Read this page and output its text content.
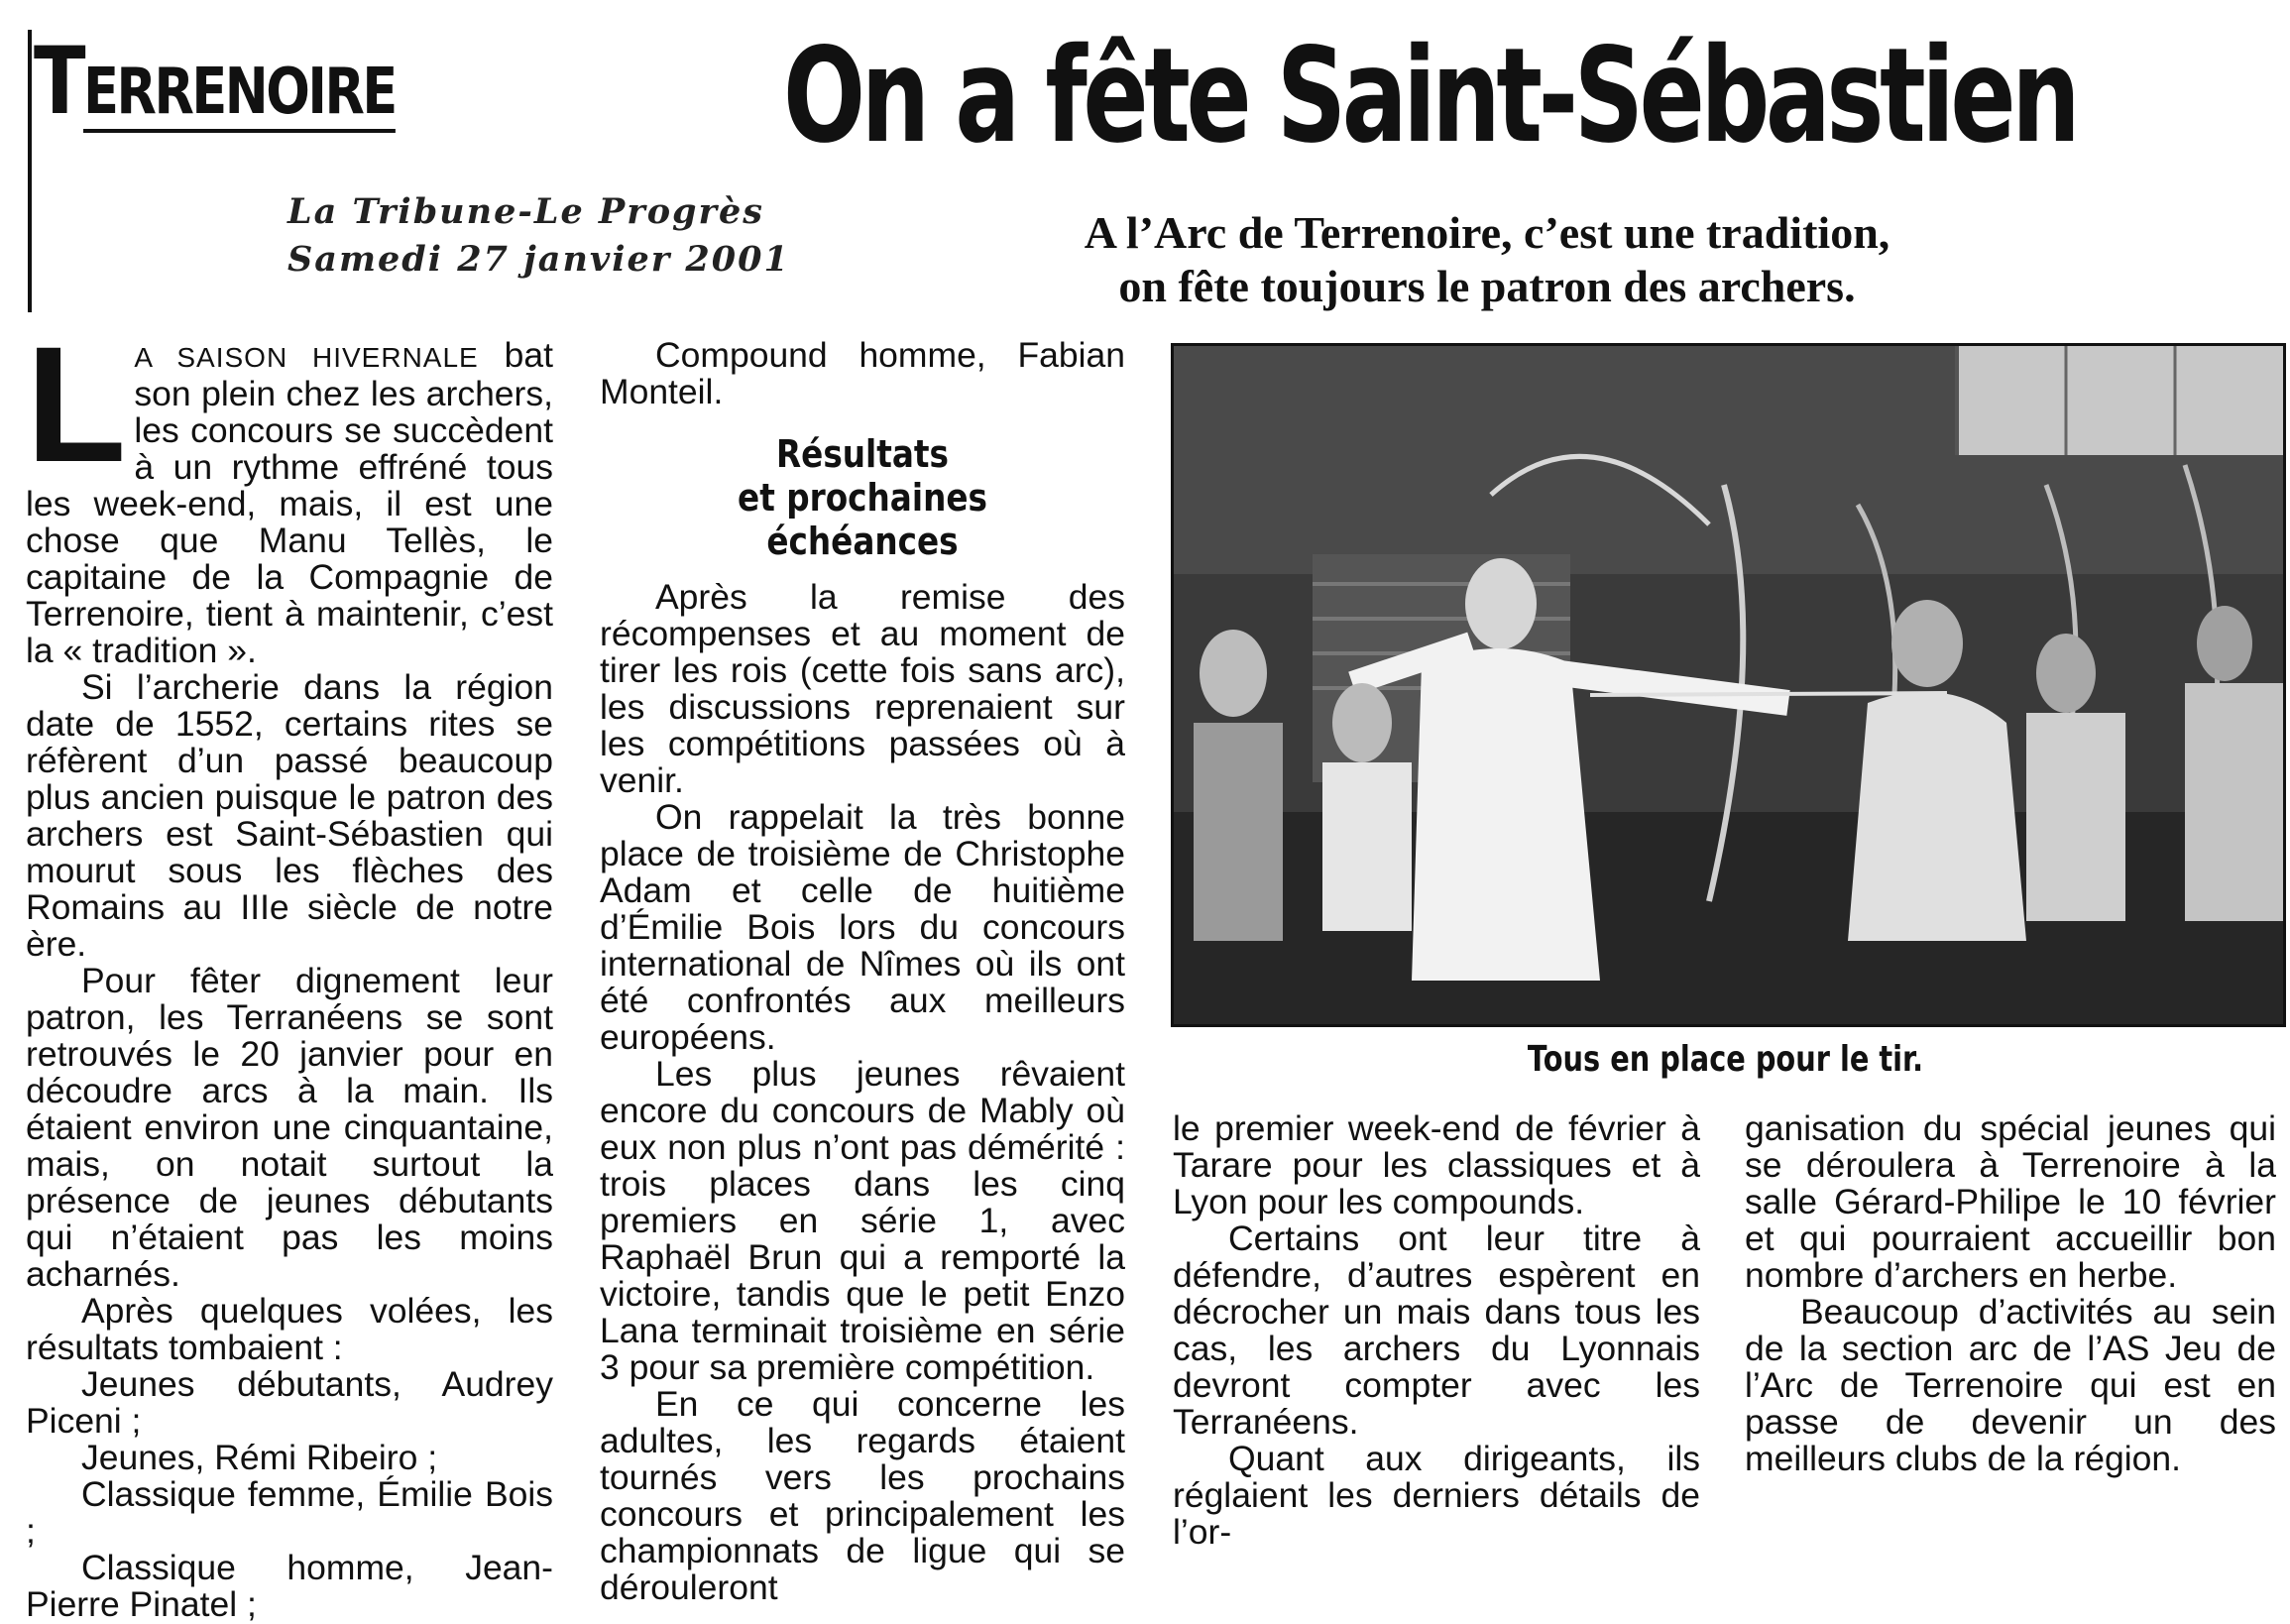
TERRENOIRE	On a fête Saint-Sébastien
La Tribune-Le Progrès
Samedi 27 janvier 2001
A l’Arc de Terrenoire, c’est une tradition,
on fête toujours le patron des archers.

L A SAISON HIVERNALE bat son plein chez les archers, les concours se succèdent à un rythme effréné tous les week-end, mais, il est une chose que Manu Tellès, le capitaine de la Compagnie de Terrenoire, tient à maintenir, c’est la « tradition ».

Si l’archerie dans la région date de 1552, certains rites se réfèrent d’un passé beaucoup plus ancien puisque le patron des archers est Saint-Sébastien qui mourut sous les flèches des Romains au IIIe siècle de notre ère.

Pour fêter dignement leur patron, les Terranéens se sont retrouvés le 20 janvier pour en découdre arcs à la main. Ils étaient environ une cinquantaine, mais, on notait surtout la présence de jeunes débutants qui n’étaient pas les moins acharnés.

Après quelques volées, les résultats tombaient :

Jeunes débutants, Audrey Piceni ;

Jeunes, Rémi Ribeiro ;

Classique femme, Émilie Bois ;

Classique homme, Jean-Pierre Pinatel ;

Compound homme, Fabian Monteil.

Résultats
et prochaines échéances

Après la remise des récompenses et au moment de tirer les rois (cette fois sans arc), les discussions reprenaient sur les compétitions passées où à venir.

On rappelait la très bonne place de troisième de Christophe Adam et celle de huitième d’Émilie Bois lors du concours international de Nîmes où ils ont été confrontés aux meilleurs européens.

Les plus jeunes rêvaient encore du concours de Mably où eux non plus n’ont pas démérité : trois places dans les cinq premiers en série 1, avec Raphaël Brun qui a remporté la victoire, tandis que le petit Enzo Lana terminait troisième en série 3 pour sa première compétition.

En ce qui concerne les adultes, les regards étaient tournés vers les prochains concours et principalement les championnats de ligue qui se dérouleront

Tous en place pour le tir.

le premier week-end de février à Tarare pour les classiques et à Lyon pour les compounds.

Certains ont leur titre à défendre, d’autres espèrent en décrocher un mais dans tous les cas, les archers du Lyonnais devront compter avec les Terranéens.

Quant aux dirigeants, ils réglaient les derniers détails de l’or-

ganisation du spécial jeunes qui se déroulera à Terrenoire à la salle Gérard-Philipe le 10 février et qui pourraient accueillir bon nombre d’archers en herbe.

Beaucoup d’activités au sein de la section arc de l’AS Jeu de l’Arc de Terrenoire qui est en passe de devenir un des meilleurs clubs de la région.
